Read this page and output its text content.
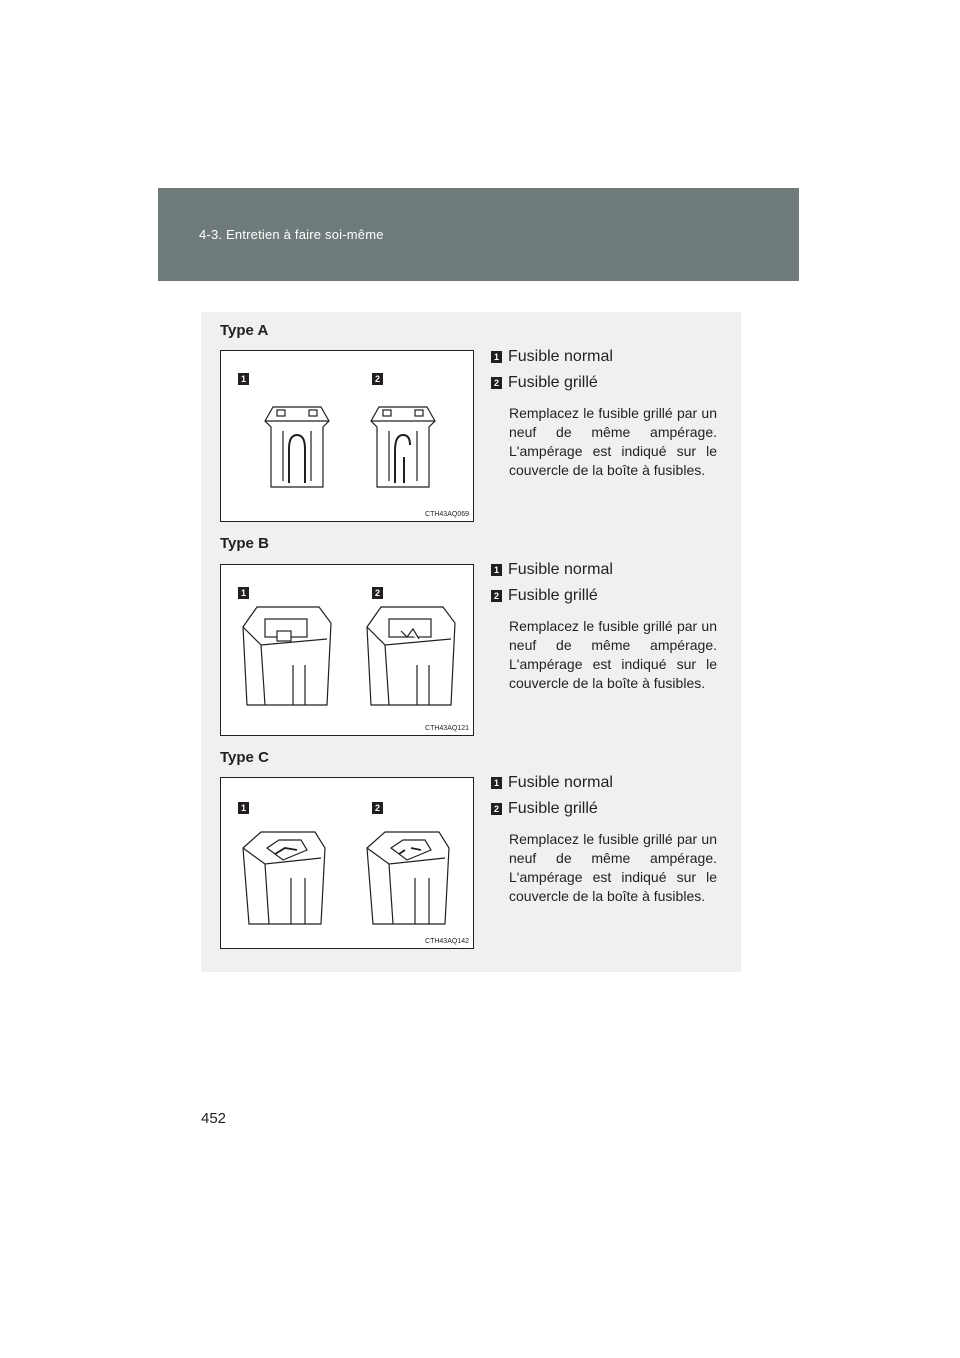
4-3. Entretien à faire soi-même
Type A
1	2
CTH43AQ069
1 Fusible normal
2 Fusible grillé
Remplacez le fusible grillé par un neuf de même ampérage. L'ampérage est indiqué sur le couvercle de la boîte à fusibles.
Type B
1	2
CTH43AQ121
1 Fusible normal
2 Fusible grillé
Remplacez le fusible grillé par un neuf de même ampérage. L'ampérage est indiqué sur le couvercle de la boîte à fusibles.
Type C
1	2
CTH43AQ142
1 Fusible normal
2 Fusible grillé
Remplacez le fusible grillé par un neuf de même ampérage. L'ampérage est indiqué sur le couvercle de la boîte à fusibles.
452
